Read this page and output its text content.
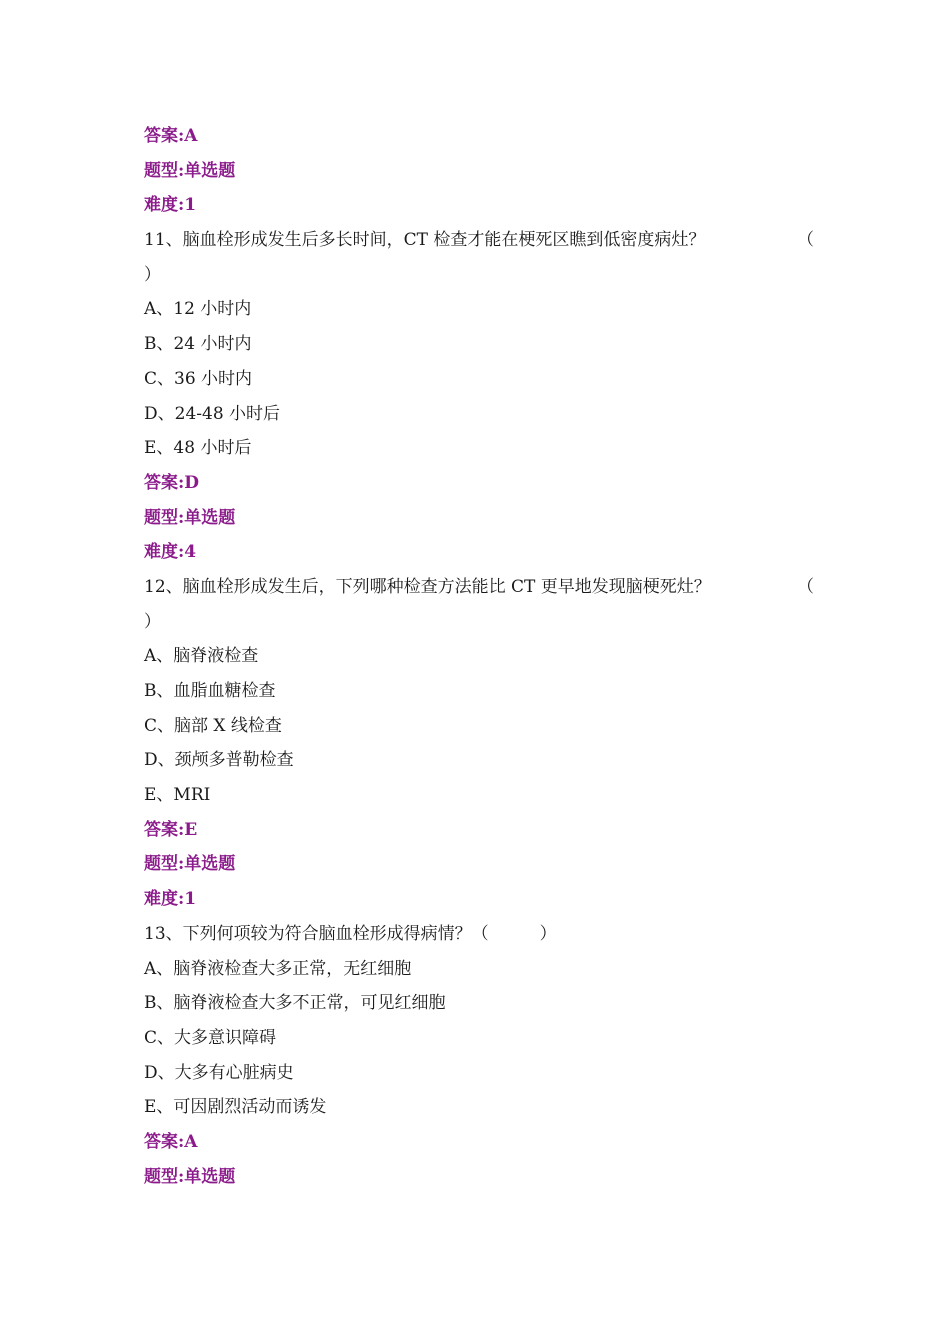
答案:A
题型:单选题
难度:1
11、脑血栓形成发生后多长时间，CT 检查才能在梗死区瞧到低密度病灶？	（
）
A、12 小时内
B、24 小时内
C、36 小时内
D、24-48 小时后
E、48 小时后
答案:D
题型:单选题
难度:4
12、脑血栓形成发生后，下列哪种检查方法能比 CT 更早地发现脑梗死灶？	（
）
A、脑脊液检查
B、血脂血糖检查
C、脑部 X 线检查
D、颈颅多普勒检查
E、MRI
答案:E
题型:单选题
难度:1
13、下列何项较为符合脑血栓形成得病情？（　　　）
A、脑脊液检查大多正常，无红细胞
B、脑脊液检查大多不正常，可见红细胞
C、大多意识障碍
D、大多有心脏病史
E、可因剧烈活动而诱发
答案:A
题型:单选题
